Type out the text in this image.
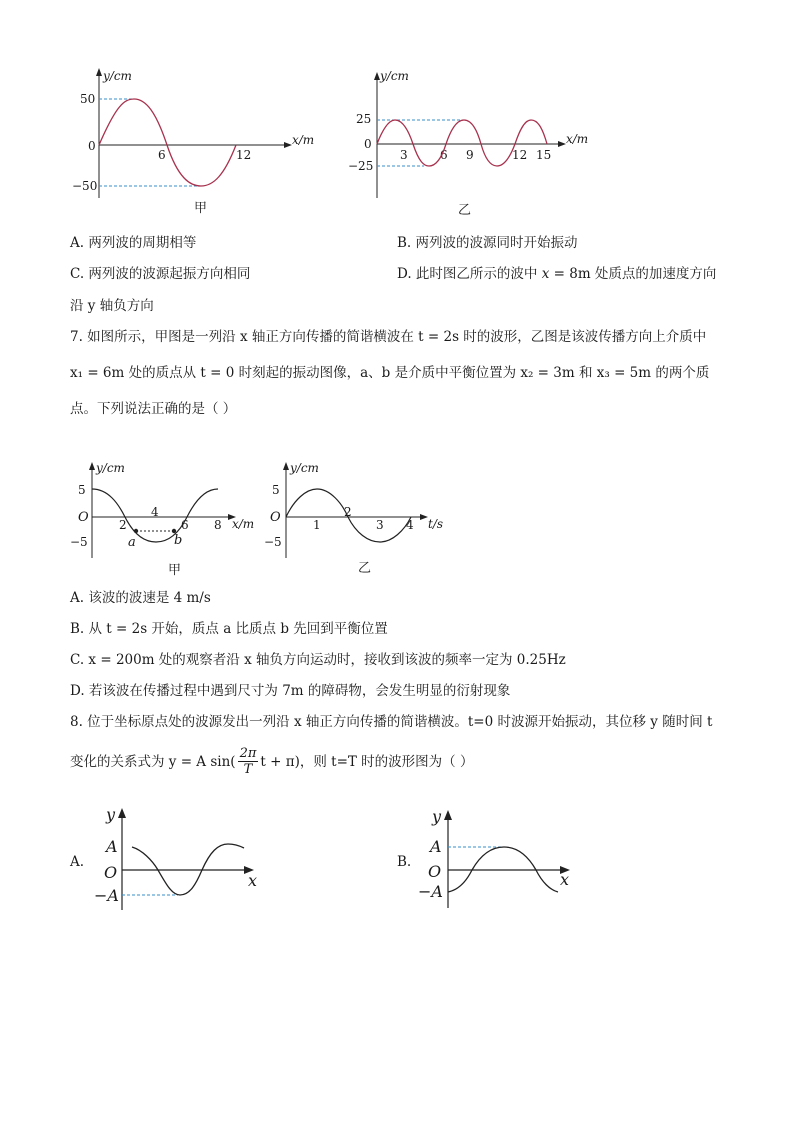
y/cm
x/m
50
−50
0
6	12
甲
y/cm
x/m
25
−25
0
3	6 9	12 15
乙
A. 两列波的周期相等	B. 两列波的波源同时开始振动
C. 两列波的波源起振方向相同	D. 此时图乙所示的波中 x = 8m 处质点的加速度方向
沿 y 轴负方向
7. 如图所示，甲图是一列沿 x 轴正方向传播的简谐横波在 t = 2s 时的波形，乙图是该波传播方向上介质中
x₁ = 6m 处的质点从 t = 0 时刻起的振动图像，a、b 是介质中平衡位置为 x₂ = 3m 和 x₃ = 5m 的两个质
点。下列说法正确的是（ ）
y/cm
x/m
O
5
−5
2
4
6 8
a	b
甲
y/cm
t/s
O
5
−5
1
2
3 4
乙
A. 该波的波速是 4 m/s
B. 从 t = 2s 开始，质点 a 比质点 b 先回到平衡位置
C. x = 200m 处的观察者沿 x 轴负方向运动时，接收到该波的频率一定为 0.25Hz
D. 若该波在传播过程中遇到尺寸为 7m 的障碍物，会发生明显的衍射现象
8. 位于坐标原点处的波源发出一列沿 x 轴正方向传播的简谐横波。t=0 时波源开始振动，其位移 y 随时间 t
变化的关系式为 y = A $\sin( \frac{2\pi}{T}$ t + π)，则 t=T 时的波形图为（ ）
A.
y
x
A
O
−A
B.
y
x
A
O
−A
